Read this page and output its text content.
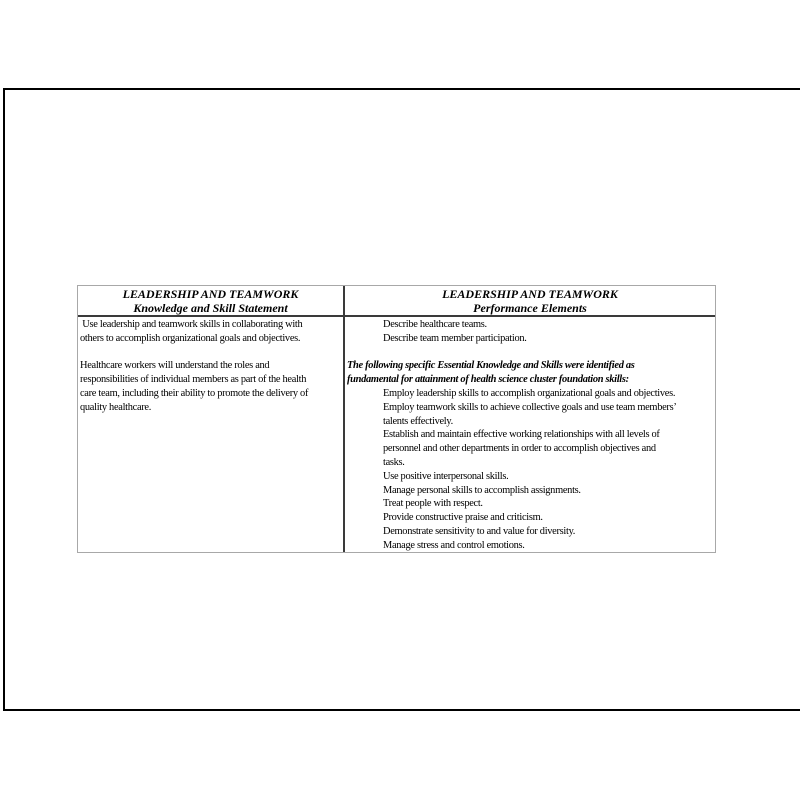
LEADERSHIP AND TEAMWORK
Knowledge and Skill Statement
LEADERSHIP AND TEAMWORK
Performance Elements
Use leadership and teamwork skills in collaborating with
others to accomplish organizational goals and objectives.
Healthcare workers will understand the roles and
responsibilities of individual members as part of the health
care team, including their ability to promote the delivery of
quality healthcare.
Describe healthcare teams.
Describe team member participation.
The following specific Essential Knowledge and Skills were identified as
fundamental for attainment of health science cluster foundation skills:
Employ leadership skills to accomplish organizational goals and objectives.
Employ teamwork skills to achieve collective goals and use team members’
talents effectively.
Establish and maintain effective working relationships with all levels of
personnel and other departments in order to accomplish objectives and
tasks.
Use positive interpersonal skills.
Manage personal skills to accomplish assignments.
Treat people with respect.
Provide constructive praise and criticism.
Demonstrate sensitivity to and value for diversity.
Manage stress and control emotions.
